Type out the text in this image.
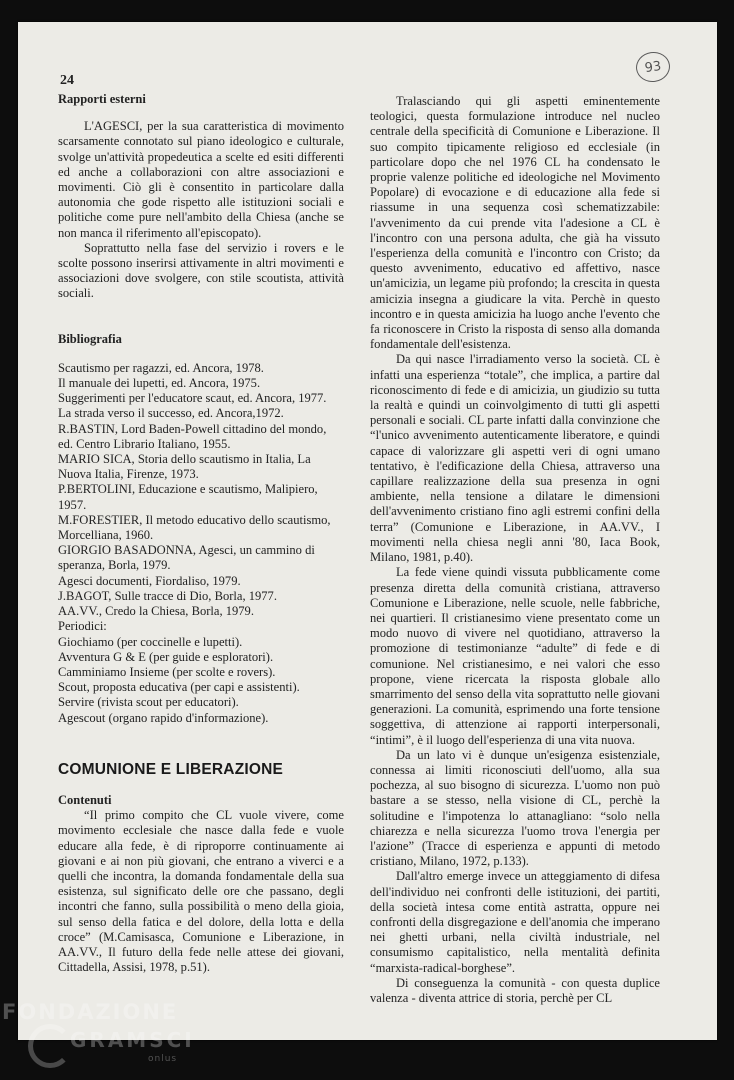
24
93
Rapporti esterni

L'AGESCI, per la sua caratteristica di movimento scarsamente connotato sul piano ideologico e culturale, svolge un'attività propedeutica a scelte ed esiti differenti ed anche a collaborazioni con altre associazioni e movimenti. Ciò gli è consentito in particolare dalla autonomia che gode rispetto alle istituzioni sociali e politiche come pure nell'ambito della Chiesa (anche se non manca il riferimento all'episcopato).

Soprattutto nella fase del servizio i rovers e le scolte possono inserirsi attivamente in altri movimenti e associazioni dove svolgere, con stile scoutista, attività sociali.

Bibliografia
Scautismo per ragazzi, ed. Ancora, 1978.
Il manuale dei lupetti, ed. Ancora, 1975.
Suggerimenti per l'educatore scaut, ed. Ancora, 1977.
La strada verso il successo, ed. Ancora,1972.
R.BASTIN, Lord Baden-Powell cittadino del mondo, ed. Centro Librario Italiano, 1955.
MARIO SICA, Storia dello scautismo in Italia, La Nuova Italia, Firenze, 1973.
P.BERTOLINI, Educazione e scautismo, Malipiero, 1957.
M.FORESTIER, Il metodo educativo dello scautismo, Morcelliana, 1960.
GIORGIO BASADONNA, Agesci, un cammino di speranza, Borla, 1979.
Agesci documenti, Fiordaliso, 1979.
J.BAGOT, Sulle tracce di Dio, Borla, 1977.
AA.VV., Credo la Chiesa, Borla, 1979.
Periodici:
Giochiamo (per coccinelle e lupetti).
Avventura G & E (per guide e esploratori).
Camminiamo Insieme (per scolte e rovers).
Scout, proposta educativa (per capi e assistenti).
Servire (rivista scout per educatori).
Agescout (organo rapido d'informazione).
COMUNIONE E LIBERAZIONE
Contenuti

“Il primo compito che CL vuole vivere, come movimento ecclesiale che nasce dalla fede e vuole educare alla fede, è di riproporre continuamente ai giovani e ai non più giovani, che entrano a viverci e a quelli che incontra, la domanda fondamentale della sua esistenza, sul significato delle ore che passano, degli incontri che fanno, sulla possibilità o meno della gioia, sul senso della fatica e del dolore, della lotta e della croce” (M.Camisasca, Comunione e Liberazione, in AA.VV., Il futuro della fede nelle attese dei giovani, Cittadella, Assisi, 1978, p.51).

Tralasciando qui gli aspetti eminentemente teologici, questa formulazione introduce nel nucleo centrale della specificità di Comunione e Liberazione. Il suo compito tipicamente religioso ed ecclesiale (in particolare dopo che nel 1976 CL ha condensato le proprie valenze politiche ed ideologiche nel Movimento Popolare) di evocazione e di educazione alla fede si riassume in una sequenza così schematizzabile: l'avvenimento da cui prende vita l'adesione a CL è l'incontro con una persona adulta, che già ha vissuto l'esperienza della comunità e l'incontro con Cristo; da questo avvenimento, educativo ed affettivo, nasce un'amicizia, un legame più profondo; la crescita in questa amicizia insegna a giudicare la vita. Perchè in questo incontro e in questa amicizia ha luogo anche l'evento che fa riconoscere in Cristo la risposta di senso alla domanda fondamentale dell'esistenza.

Da qui nasce l'irradiamento verso la società. CL è infatti una esperienza “totale”, che implica, a partire dal riconoscimento di fede e di amicizia, un giudizio su tutta la realtà e quindi un coinvolgimento di tutti gli aspetti personali e sociali. CL parte infatti dalla convinzione che “l'unico avvenimento autenticamente liberatore, e quindi capace di valorizzare gli aspetti veri di ogni umano tentativo, è l'edificazione della Chiesa, attraverso una capillare realizzazione della sua presenza in ogni ambiente, nella tensione a dilatare le dimensioni dell'avvenimento cristiano fino agli estremi confini della terra” (Comunione e Liberazione, in AA.VV., I movimenti nella chiesa negli anni '80, Iaca Book, Milano, 1981, p.40).

La fede viene quindi vissuta pubblicamente come presenza diretta della comunità cristiana, attraverso Comunione e Liberazione, nelle scuole, nelle fabbriche, nei quartieri. Il cristianesimo viene presentato come un modo nuovo di vivere nel quotidiano, attraverso la promozione di testimonianze “adulte” di fede e di comunione. Nel cristianesimo, e nei valori che esso propone, viene ricercata la risposta globale allo smarrimento del senso della vita soprattutto nelle giovani generazioni. La comunità, esprimendo una forte tensione soggettiva, di attenzione ai rapporti interpersonali, “intimi”, è il luogo dell'esperienza di una vita nuova.

Da un lato vi è dunque un'esigenza esistenziale, connessa ai limiti riconosciuti dell'uomo, alla sua pochezza, al suo bisogno di sicurezza. L'uomo non può bastare a se stesso, nella visione di CL, perchè la solitudine e l'impotenza lo attanagliano: “solo nella chiarezza e nella sicurezza l'uomo trova l'energia per l'azione” (Tracce di esperienza e appunti di metodo cristiano, Milano, 1972, p.133).

Dall'altro emerge invece un atteggiamento di difesa dell'individuo nei confronti delle istituzioni, dei partiti, della società intesa come entità astratta, oppure nei confronti della disgregazione e dell'anomia che imperano nei ghetti urbani, nella civiltà industriale, nel consumismo capitalistico, nella mentalità definita “marxista-radical-borghese”.

Di conseguenza la comunità - con questa duplice valenza - diventa attrice di storia, perchè per CL

FONDAZIONE
GRAMSCI
onlus
